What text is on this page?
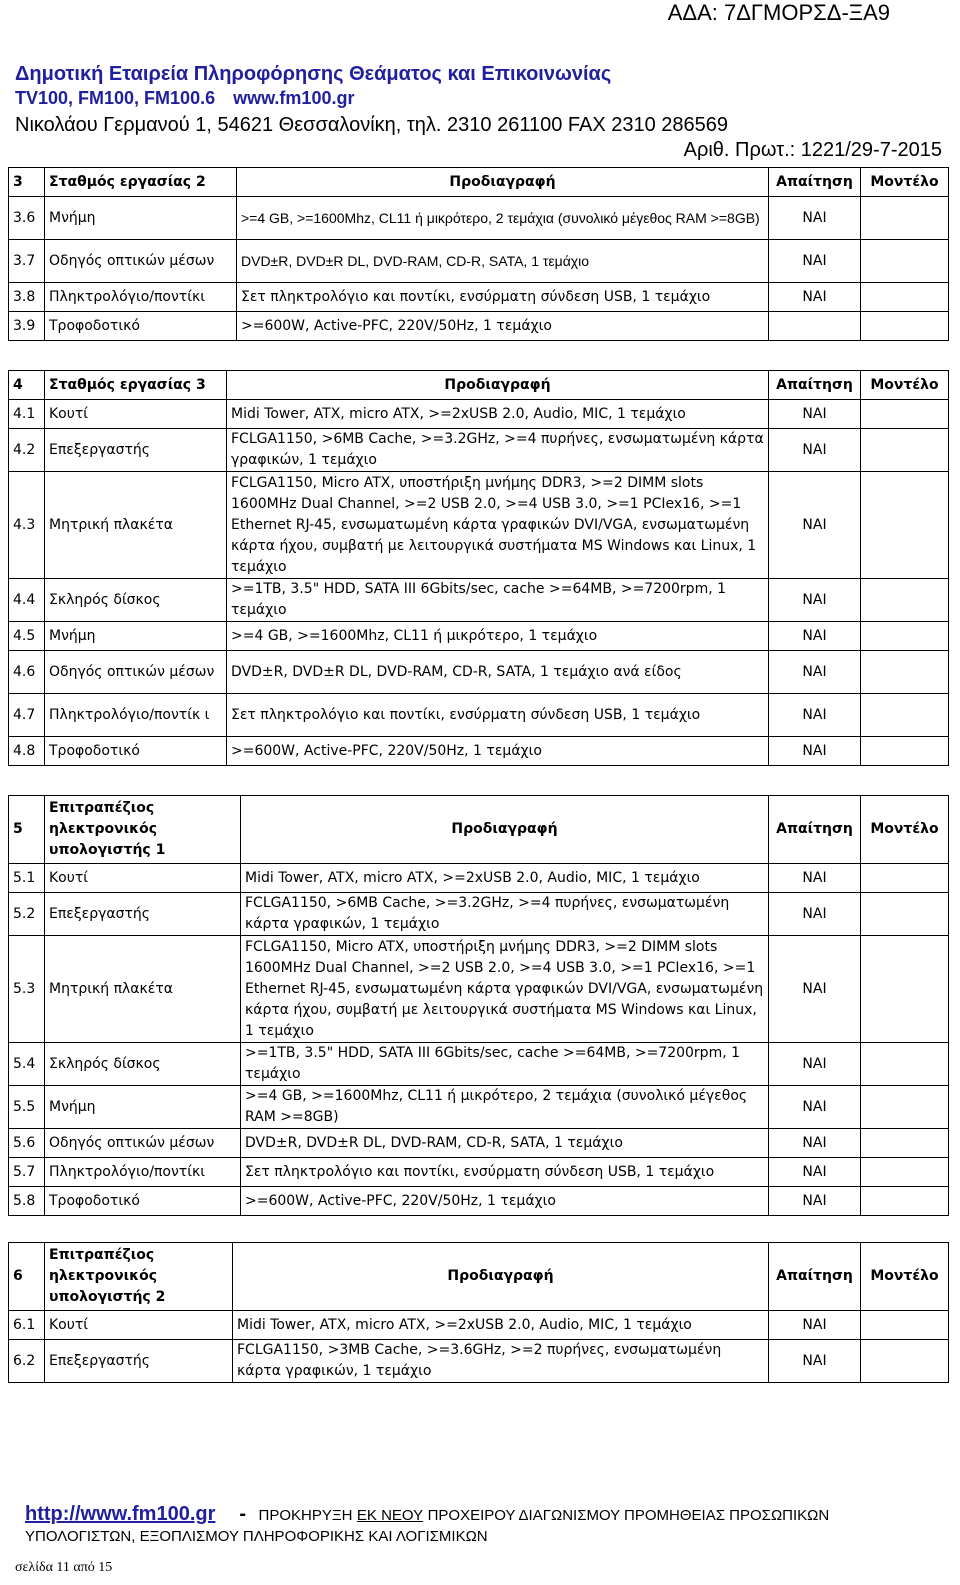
ΑΔΑ: 7ΔΓΜΟΡΣΔ-ΞΑ9
Δημοτική Εταιρεία Πληροφόρησης Θεάματος και Επικοινωνίας
TV100, FM100, FM100.6 www.fm100.gr
Νικολάου Γερμανού 1, 54621 Θεσσαλονίκη, τηλ. 2310 261100 FAX 2310 286569
Αριθ. Πρωτ.: 1221/29-7-2015
3	Σταθμός εργασίας 2	Προδιαγραφή	Απαίτηση	Μοντέλο
3.6	Μνήμη	>=4 GB, >=1600Mhz, CL11 ή μικρότερο, 2 τεμάχια (συνολικό μέγεθος RAM >=8GB)	ΝΑΙ	
3.7	Οδηγός οπτικών μέσων	DVD±R, DVD±R DL, DVD-RAM, CD-R, SATA, 1 τεμάχιο	ΝΑΙ	
3.8	Πληκτρολόγιο/ποντίκι	Σετ πληκτρολόγιο και ποντίκι, ενσύρματη σύνδεση USB, 1 τεμάχιο	ΝΑΙ	
3.9	Τροφοδοτικό	>=600W, Active-PFC, 220V/50Hz, 1 τεμάχιο		
4	Σταθμός εργασίας 3	Προδιαγραφή	Απαίτηση	Μοντέλο
4.1	Κουτί	Midi Tower, ATX, micro ATX, >=2xUSB 2.0, Audio, MIC, 1 τεμάχιο	ΝΑΙ	
4.2	Επεξεργαστής	FCLGA1150, >6MB Cache, >=3.2GHz, >=4 πυρήνες, ενσωματωμένη κάρτα γραφικών, 1 τεμάχιο	ΝΑΙ	
4.3	Μητρική πλακέτα	FCLGA1150, Micro ATX, υποστήριξη μνήμης DDR3, >=2 DIMM slots 1600MHz Dual Channel, >=2 USB 2.0, >=4 USB 3.0, >=1 PCIex16, >=1 Ethernet RJ-45, ενσωματωμένη κάρτα γραφικών DVI/VGA, ενσωματωμένη κάρτα ήχου, συμβατή με λειτουργικά συστήματα MS Windows και Linux, 1 τεμάχιο	ΝΑΙ	
4.4	Σκληρός δίσκος	>=1TB, 3.5" HDD, SATA III 6Gbits/sec, cache >=64MB, >=7200rpm, 1 τεμάχιο	ΝΑΙ	
4.5	Μνήμη	>=4 GB, >=1600Mhz, CL11 ή μικρότερο, 1 τεμάχιο	ΝΑΙ	
4.6	Οδηγός οπτικών μέσων	DVD±R, DVD±R DL, DVD-RAM, CD-R, SATA, 1 τεμάχιο ανά είδος	ΝΑΙ	
4.7	Πληκτρολόγιο/ποντίκ ι	Σετ πληκτρολόγιο και ποντίκι, ενσύρματη σύνδεση USB, 1 τεμάχιο	ΝΑΙ	
4.8	Τροφοδοτικό	>=600W, Active-PFC, 220V/50Hz, 1 τεμάχιο	ΝΑΙ	
5	Επιτραπέζιος ηλεκτρονικός υπολογιστής 1	Προδιαγραφή	Απαίτηση	Μοντέλο
5.1	Κουτί	Midi Tower, ATX, micro ATX, >=2xUSB 2.0, Audio, MIC, 1 τεμάχιο	ΝΑΙ	
5.2	Επεξεργαστής	FCLGA1150, >6MB Cache, >=3.2GHz, >=4 πυρήνες, ενσωματωμένη κάρτα γραφικών, 1 τεμάχιο	ΝΑΙ	
5.3	Μητρική πλακέτα	FCLGA1150, Micro ATX, υποστήριξη μνήμης DDR3, >=2 DIMM slots 1600MHz Dual Channel, >=2 USB 2.0, >=4 USB 3.0, >=1 PCIex16, >=1 Ethernet RJ-45, ενσωματωμένη κάρτα γραφικών DVI/VGA, ενσωματωμένη κάρτα ήχου, συμβατή με λειτουργικά συστήματα MS Windows και Linux, 1 τεμάχιο	ΝΑΙ	
5.4	Σκληρός δίσκος	>=1TB, 3.5" HDD, SATA III 6Gbits/sec, cache >=64MB, >=7200rpm, 1 τεμάχιο	ΝΑΙ	
5.5	Μνήμη	>=4 GB, >=1600Mhz, CL11 ή μικρότερο, 2 τεμάχια (συνολικό μέγεθος RAM >=8GB)	ΝΑΙ	
5.6	Οδηγός οπτικών μέσων	DVD±R, DVD±R DL, DVD-RAM, CD-R, SATA, 1 τεμάχιο	ΝΑΙ	
5.7	Πληκτρολόγιο/ποντίκι	Σετ πληκτρολόγιο και ποντίκι, ενσύρματη σύνδεση USB, 1 τεμάχιο	ΝΑΙ	
5.8	Τροφοδοτικό	>=600W, Active-PFC, 220V/50Hz, 1 τεμάχιο	ΝΑΙ	
6	Επιτραπέζιος ηλεκτρονικός υπολογιστής 2	Προδιαγραφή	Απαίτηση	Μοντέλο
6.1	Κουτί	Midi Tower, ATX, micro ATX, >=2xUSB 2.0, Audio, MIC, 1 τεμάχιο	ΝΑΙ	
6.2	Επεξεργαστής	FCLGA1150, >3MB Cache, >=3.6GHz, >=2 πυρήνες, ενσωματωμένη κάρτα γραφικών, 1 τεμάχιο	ΝΑΙ	
http://www.fm100.gr - ΠΡΟΚΗΡΥΞΗ ΕΚ ΝΕΟΥ ΠΡΟΧΕΙΡΟΥ ΔΙΑΓΩΝΙΣΜΟΥ ΠΡΟΜΗΘΕΙΑΣ ΠΡΟΣΩΠΙΚΩΝ
ΥΠΟΛΟΓΙΣΤΩΝ, ΕΞΟΠΛΙΣΜΟΥ ΠΛΗΡΟΦΟΡΙΚΗΣ ΚΑΙ ΛΟΓΙΣΜΙΚΩΝ
σελίδα 11 από 15
